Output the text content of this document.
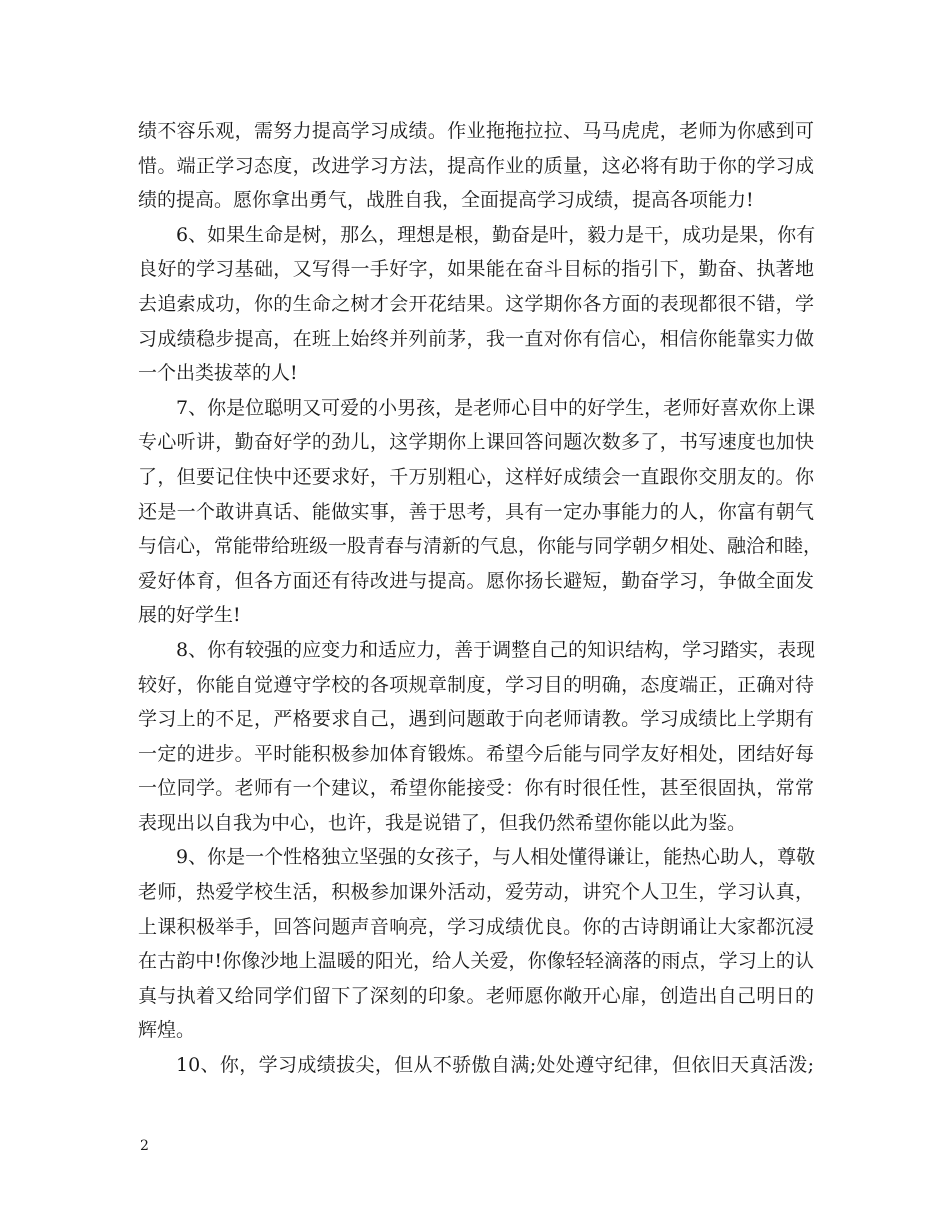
绩不容乐观，需努力提高学习成绩。作业拖拖拉拉、马马虎虎，老师为你感到可
惜。端正学习态度，改进学习方法，提高作业的质量，这必将有助于你的学习成
绩的提高。愿你拿出勇气，战胜自我，全面提高学习成绩，提高各项能力!
6、如果生命是树，那么，理想是根，勤奋是叶，毅力是干，成功是果，你有
良好的学习基础，又写得一手好字，如果能在奋斗目标的指引下，勤奋、执著地
去追索成功，你的生命之树才会开花结果。这学期你各方面的表现都很不错，学
习成绩稳步提高，在班上始终并列前茅，我一直对你有信心，相信你能靠实力做
一个出类拔萃的人!
7、你是位聪明又可爱的小男孩，是老师心目中的好学生，老师好喜欢你上课
专心听讲，勤奋好学的劲儿，这学期你上课回答问题次数多了，书写速度也加快
了，但要记住快中还要求好，千万别粗心，这样好成绩会一直跟你交朋友的。你
还是一个敢讲真话、能做实事，善于思考，具有一定办事能力的人，你富有朝气
与信心，常能带给班级一股青春与清新的气息，你能与同学朝夕相处、融洽和睦，
爱好体育，但各方面还有待改进与提高。愿你扬长避短，勤奋学习，争做全面发
展的好学生!
8、你有较强的应变力和适应力，善于调整自己的知识结构，学习踏实，表现
较好，你能自觉遵守学校的各项规章制度，学习目的明确，态度端正，正确对待
学习上的不足，严格要求自己，遇到问题敢于向老师请教。学习成绩比上学期有
一定的进步。平时能积极参加体育锻炼。希望今后能与同学友好相处，团结好每
一位同学。老师有一个建议，希望你能接受：你有时很任性，甚至很固执，常常
表现出以自我为中心，也许，我是说错了，但我仍然希望你能以此为鉴。
9、你是一个性格独立坚强的女孩子，与人相处懂得谦让，能热心助人，尊敬
老师，热爱学校生活，积极参加课外活动，爱劳动，讲究个人卫生，学习认真，
上课积极举手，回答问题声音响亮，学习成绩优良。你的古诗朗诵让大家都沉浸
在古韵中!你像沙地上温暖的阳光，给人关爱，你像轻轻滴落的雨点，学习上的认
真与执着又给同学们留下了深刻的印象。老师愿你敞开心扉，创造出自己明日的
辉煌。
10、你，学习成绩拔尖，但从不骄傲自满;处处遵守纪律，但依旧天真活泼;
2
